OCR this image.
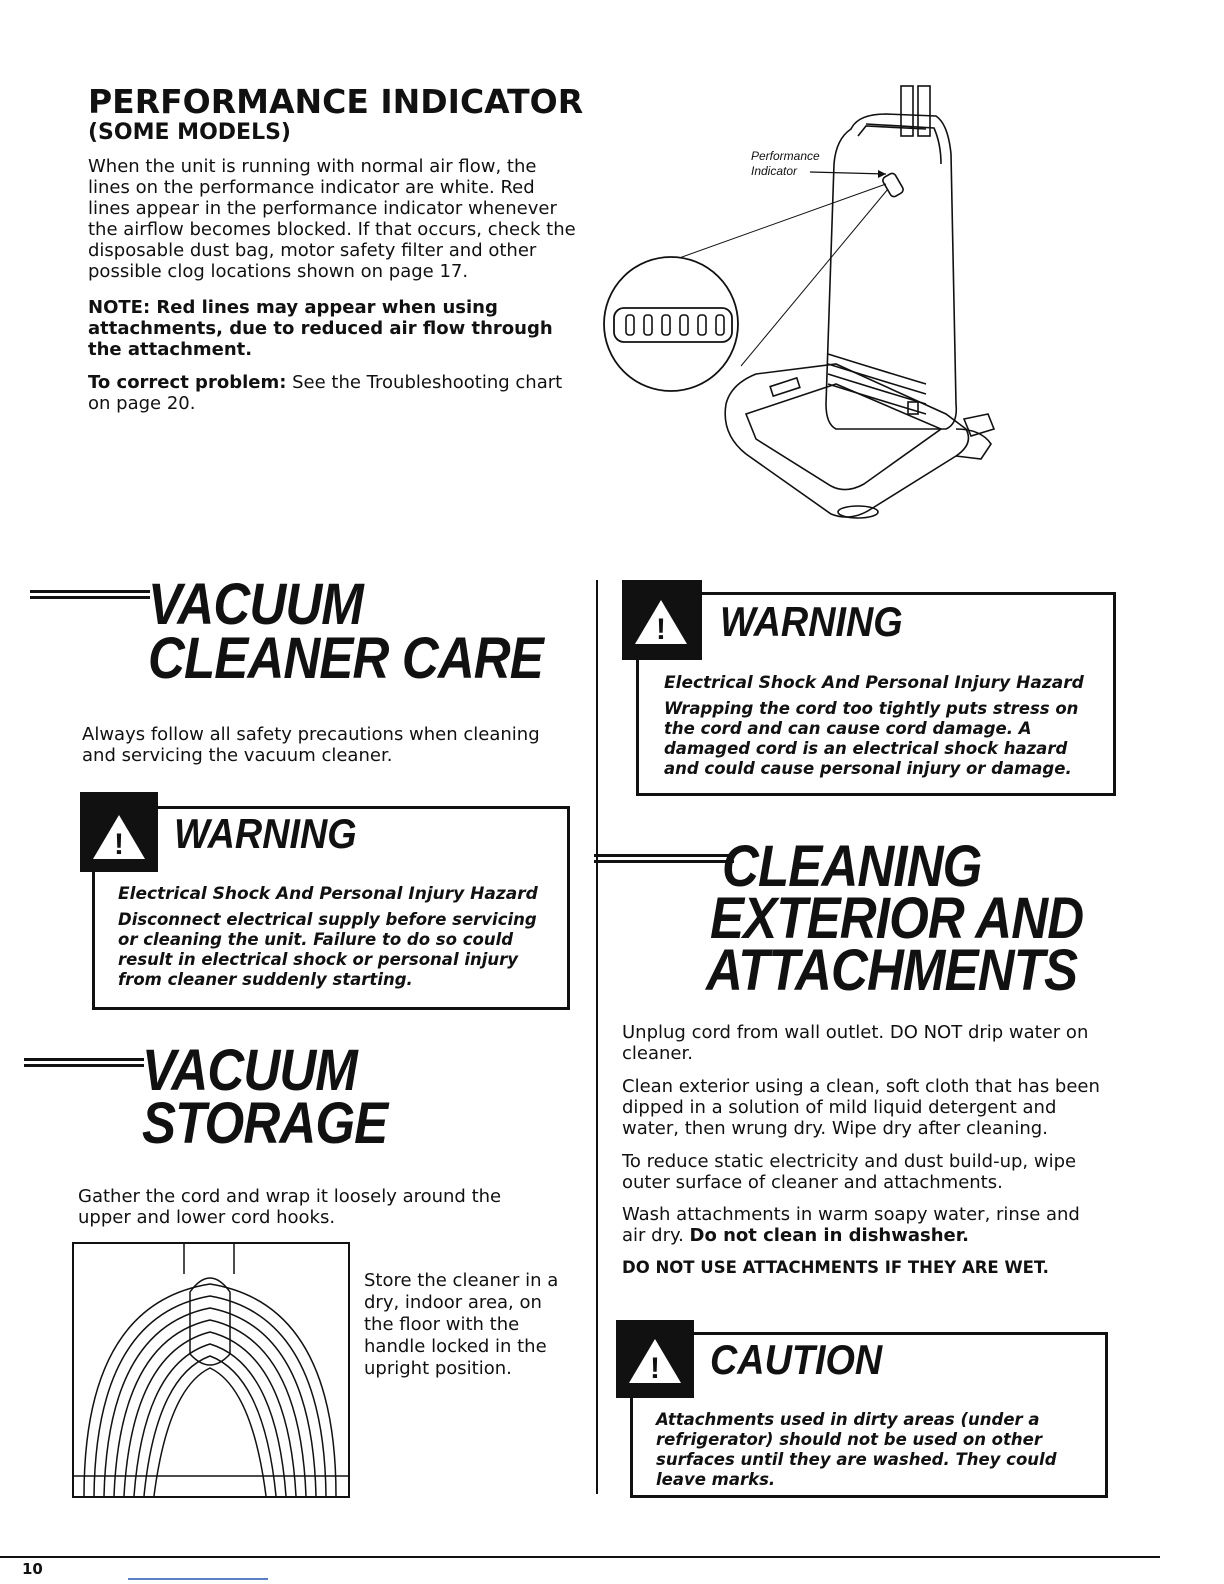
PERFORMANCE INDICATOR
(SOME MODELS)

When the unit is running with normal air flow, the lines on the performance indicator are white. Red lines appear in the performance indicator whenever the airflow becomes blocked. If that occurs, check the disposable dust bag, motor safety filter and other possible clog locations shown on page 17.

NOTE: Red lines may appear when using attachments, due to reduced air flow through the attachment.

To correct problem: See the Troubleshooting chart on page 20.

Performance
Indicator
VACUUM
CLEANER CARE

Always follow all safety precautions when cleaning and servicing the vacuum cleaner.

! WARNING

Electrical Shock And Personal Injury Hazard

Disconnect electrical supply before servicing or cleaning the unit. Failure to do so could result in electrical shock or personal injury from cleaner suddenly starting.

VACUUM
STORAGE

Gather the cord and wrap it loosely around the upper and lower cord hooks.

Store the cleaner in a dry, indoor area, on the floor with the handle locked in the upright position.

! WARNING

Electrical Shock And Personal Injury Hazard

Wrapping the cord too tightly puts stress on the cord and can cause cord damage. A damaged cord is an electrical shock hazard and could cause personal injury or damage.

CLEANING
EXTERIOR AND
ATTACHMENTS

Unplug cord from wall outlet. DO NOT drip water on cleaner.

Clean exterior using a clean, soft cloth that has been dipped in a solution of mild liquid detergent and water, then wrung dry. Wipe dry after cleaning.

To reduce static electricity and dust build-up, wipe outer surface of cleaner and attachments.

Wash attachments in warm soapy water, rinse and air dry. Do not clean in dishwasher.

DO NOT USE ATTACHMENTS IF THEY ARE WET.

! CAUTION

Attachments used in dirty areas (under a refrigerator) should not be used on other surfaces until they are washed. They could leave marks.

10
